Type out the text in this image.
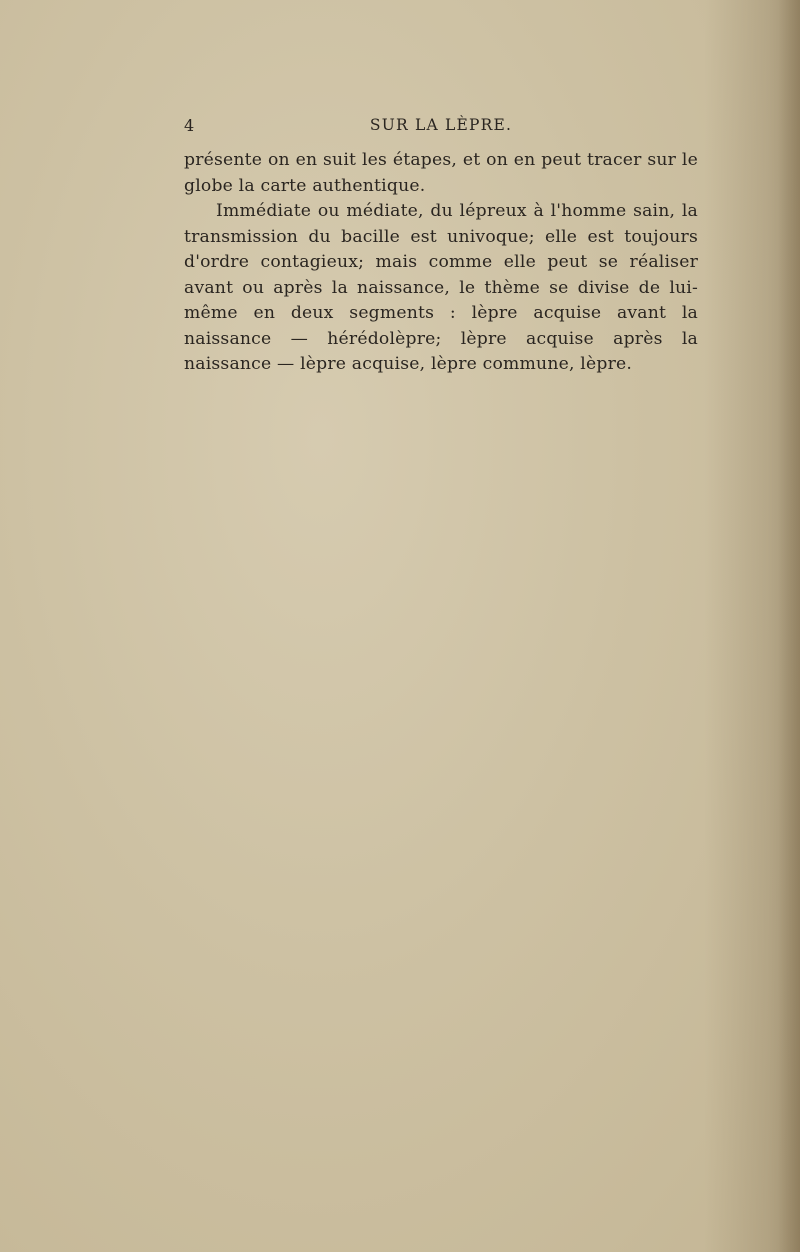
4	SUR LA LÈPRE.

présente on en suit les étapes, et on en peut tracer sur le globe la carte authentique.

Immédiate ou médiate, du lépreux à l'homme sain, la transmission du bacille est univoque; elle est toujours d'ordre contagieux; mais comme elle peut se réaliser avant ou après la naissance, le thème se divise de lui-même en deux segments : lèpre acquise avant la naissance — hérédolèpre; lèpre acquise après la naissance — lèpre acquise, lèpre commune, lèpre.
